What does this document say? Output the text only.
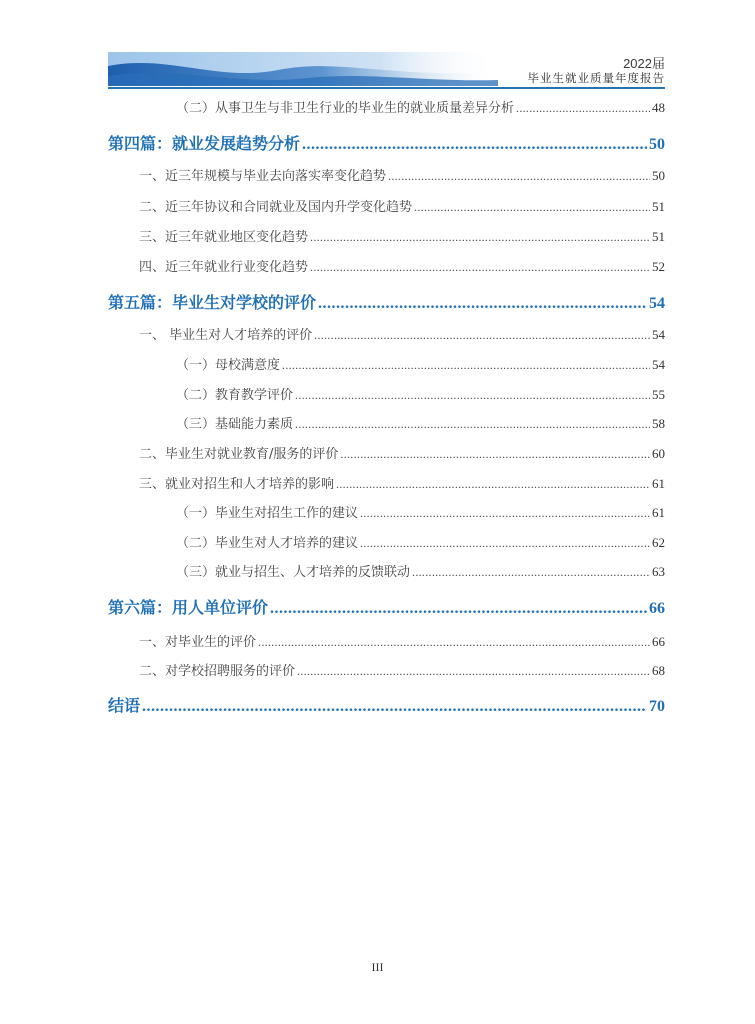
2022届
毕业生就业质量年度报告
（二）从事卫生与非卫生行业的毕业生的就业质量差异分析 .....	48
第四篇：就业发展趋势分析 .....	50
一、近三年规模与毕业去向落实率变化趋势 .....	50
二、近三年协议和合同就业及国内升学变化趋势 .....	51
三、近三年就业地区变化趋势 .....	51
四、近三年就业行业变化趋势 .....	52
第五篇：毕业生对学校的评价 .....	54
一、 毕业生对人才培养的评价 .....	54
（一）母校满意度 .....	54
（二）教育教学评价 .....	55
（三）基础能力素质 .....	58
二、毕业生对就业教育/服务的评价 .....	60
三、就业对招生和人才培养的影响 .....	61
（一）毕业生对招生工作的建议 .....	61
（二）毕业生对人才培养的建议 .....	62
（三）就业与招生、人才培养的反馈联动 .....	63
第六篇：用人单位评价 .....	66
一、对毕业生的评价 .....	66
二、对学校招聘服务的评价 .....	68
结语 .....	70
III
